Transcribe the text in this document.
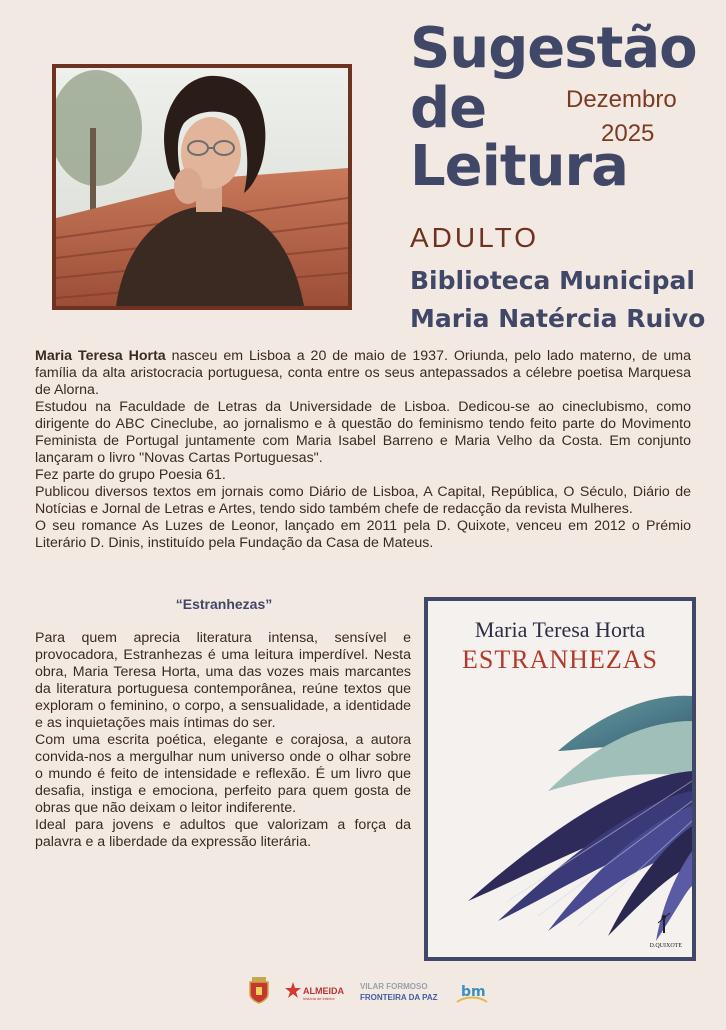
Sugestão
de
Leitura
Dezembro
2025
ADULTO
Biblioteca Municipal
Maria Natércia Ruivo

Maria Teresa Horta nasceu em Lisboa a 20 de maio de 1937. Oriunda, pelo lado materno, de uma família da alta aristocracia portuguesa, conta entre os seus antepassados a célebre poetisa Marquesa de Alorna.

Estudou na Faculdade de Letras da Universidade de Lisboa. Dedicou-se ao cineclubismo, como dirigente do ABC Cineclube, ao jornalismo e à questão do feminismo tendo feito parte do Movimento Feminista de Portugal juntamente com Maria Isabel Barreno e Maria Velho da Costa. Em conjunto lançaram o livro "Novas Cartas Portuguesas".

Fez parte do grupo Poesia 61.

Publicou diversos textos em jornais como Diário de Lisboa, A Capital, República, O Século, Diário de Notícias e Jornal de Letras e Artes, tendo sido também chefe de redacção da revista Mulheres.

O seu romance As Luzes de Leonor, lançado em 2011 pela D. Quixote, venceu em 2012 o Prémio Literário D. Dinis, instituído pela Fundação da Casa de Mateus.

“Estranhezas”

Para quem aprecia literatura intensa, sensível e provocadora, Estranhezas é uma leitura imperdível. Nesta obra, Maria Teresa Horta, uma das vozes mais marcantes da literatura portuguesa contemporânea, reúne textos que exploram o feminino, o corpo, a sensualidade, a identidade e as inquietações mais íntimas do ser.

Com uma escrita poética, elegante e corajosa, a autora convida-nos a mergulhar num universo onde o olhar sobre o mundo é feito de intensidade e reflexão. É um livro que desafia, instiga e emociona, perfeito para quem gosta de obras que não deixam o leitor indiferente.

Ideal para jovens e adultos que valorizam a força da palavra e a liberdade da expressão literária.

Maria Teresa Horta
ESTRANHEZAS
D.QUIXOTE
ALMEIDA
história de interior
VILAR FORMOSO
FRONTEIRA DA PAZ bm
